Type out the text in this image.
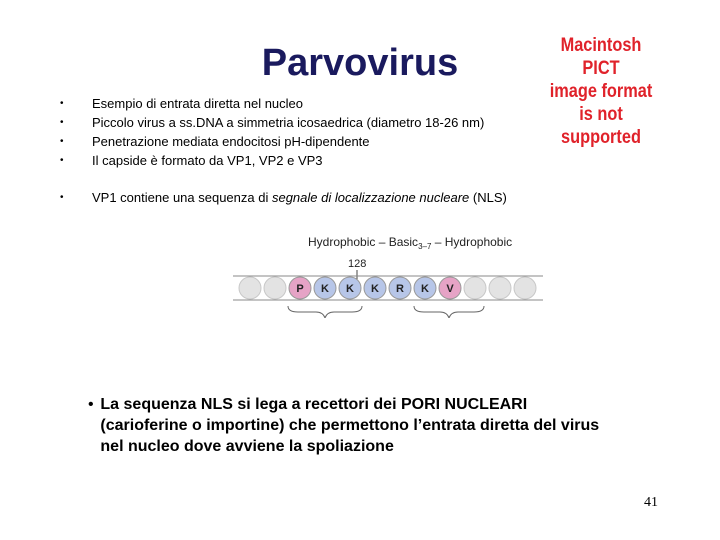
Parvovirus	Macintosh PICT
image format
is not supported
•	Esempio di entrata diretta nel nucleo
•	Piccolo virus a ss.DNA a simmetria icosaedrica (diametro 18-26 nm)
•	Penetrazione mediata endocitosi pH-dipendente
•	Il capside è formato da VP1, VP2 e VP3
•	VP1 contiene una sequenza di segnale di localizzazione nucleare (NLS)
Hydrophobic – Basic$_{3-7}$ – Hydrophobic
128
P K K K R K V
• La sequenza NLS si lega a recettori dei PORI NUCLEARI (carioferine o importine) che permettono l’entrata diretta del virus nel nucleo dove avviene la spoliazione
41
